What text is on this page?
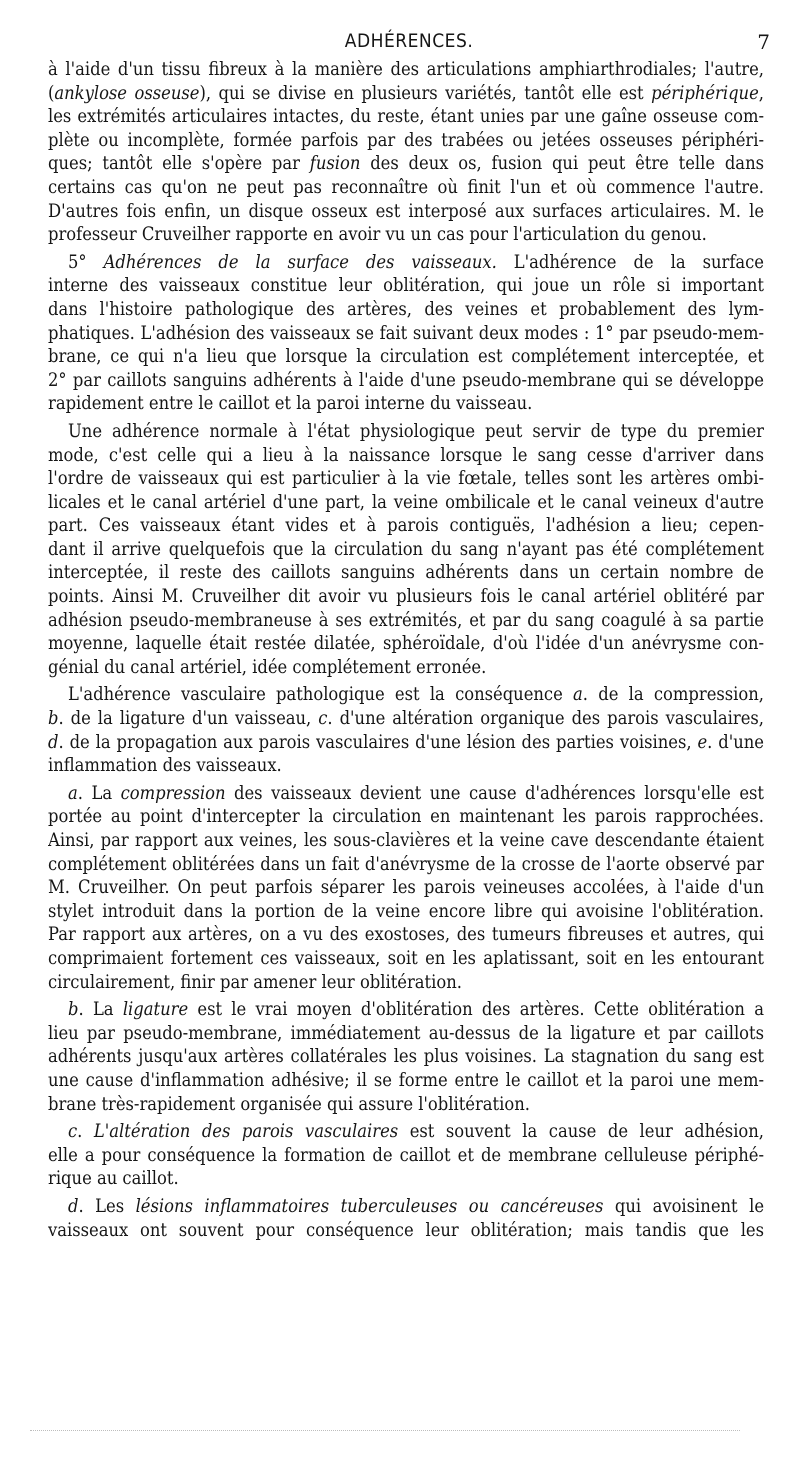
ADHÉRENCES.	7
à l'aide d'un tissu fibreux à la manière des articulations amphiarthrodiales; l'autre,
(ankylose osseuse), qui se divise en plusieurs variétés, tantôt elle est périphérique,
les extrémités articulaires intactes, du reste, étant unies par une gaîne osseuse com-
plète ou incomplète, formée parfois par des trabées ou jetées osseuses périphéri-
ques; tantôt elle s'opère par fusion des deux os, fusion qui peut être telle dans
certains cas qu'on ne peut pas reconnaître où finit l'un et où commence l'autre.
D'autres fois enfin, un disque osseux est interposé aux surfaces articulaires. M. le
professeur Cruveilher rapporte en avoir vu un cas pour l'articulation du genou.
5° Adhérences de la surface des vaisseaux. L'adhérence de la surface
interne des vaisseaux constitue leur oblitération, qui joue un rôle si important
dans l'histoire pathologique des artères, des veines et probablement des lym-
phatiques. L'adhésion des vaisseaux se fait suivant deux modes : 1° par pseudo-mem-
brane, ce qui n'a lieu que lorsque la circulation est complétement interceptée, et
2° par caillots sanguins adhérents à l'aide d'une pseudo-membrane qui se développe
rapidement entre le caillot et la paroi interne du vaisseau.
Une adhérence normale à l'état physiologique peut servir de type du premier
mode, c'est celle qui a lieu à la naissance lorsque le sang cesse d'arriver dans
l'ordre de vaisseaux qui est particulier à la vie fœtale, telles sont les artères ombi-
licales et le canal artériel d'une part, la veine ombilicale et le canal veineux d'autre
part. Ces vaisseaux étant vides et à parois contiguës, l'adhésion a lieu; cepen-
dant il arrive quelquefois que la circulation du sang n'ayant pas été complétement
interceptée, il reste des caillots sanguins adhérents dans un certain nombre de
points. Ainsi M. Cruveilher dit avoir vu plusieurs fois le canal artériel oblitéré par
adhésion pseudo-membraneuse à ses extrémités, et par du sang coagulé à sa partie
moyenne, laquelle était restée dilatée, sphéroïdale, d'où l'idée d'un anévrysme con-
génial du canal artériel, idée complétement erronée.
L'adhérence vasculaire pathologique est la conséquence a. de la compression,
b. de la ligature d'un vaisseau, c. d'une altération organique des parois vasculaires,
d. de la propagation aux parois vasculaires d'une lésion des parties voisines, e. d'une
inflammation des vaisseaux.
a. La compression des vaisseaux devient une cause d'adhérences lorsqu'elle est
portée au point d'intercepter la circulation en maintenant les parois rapprochées.
Ainsi, par rapport aux veines, les sous-clavières et la veine cave descendante étaient
complétement oblitérées dans un fait d'anévrysme de la crosse de l'aorte observé par
M. Cruveilher. On peut parfois séparer les parois veineuses accolées, à l'aide d'un
stylet introduit dans la portion de la veine encore libre qui avoisine l'oblitération.
Par rapport aux artères, on a vu des exostoses, des tumeurs fibreuses et autres, qui
comprimaient fortement ces vaisseaux, soit en les aplatissant, soit en les entourant
circulairement, finir par amener leur oblitération.
b. La ligature est le vrai moyen d'oblitération des artères. Cette oblitération a
lieu par pseudo-membrane, immédiatement au-dessus de la ligature et par caillots
adhérents jusqu'aux artères collatérales les plus voisines. La stagnation du sang est
une cause d'inflammation adhésive; il se forme entre le caillot et la paroi une mem-
brane très-rapidement organisée qui assure l'oblitération.
c. L'altération des parois vasculaires est souvent la cause de leur adhésion,
elle a pour conséquence la formation de caillot et de membrane celluleuse périphé-
rique au caillot.
d. Les lésions inflammatoires tuberculeuses ou cancéreuses qui avoisinent le
vaisseaux ont souvent pour conséquence leur oblitération; mais tandis que les
